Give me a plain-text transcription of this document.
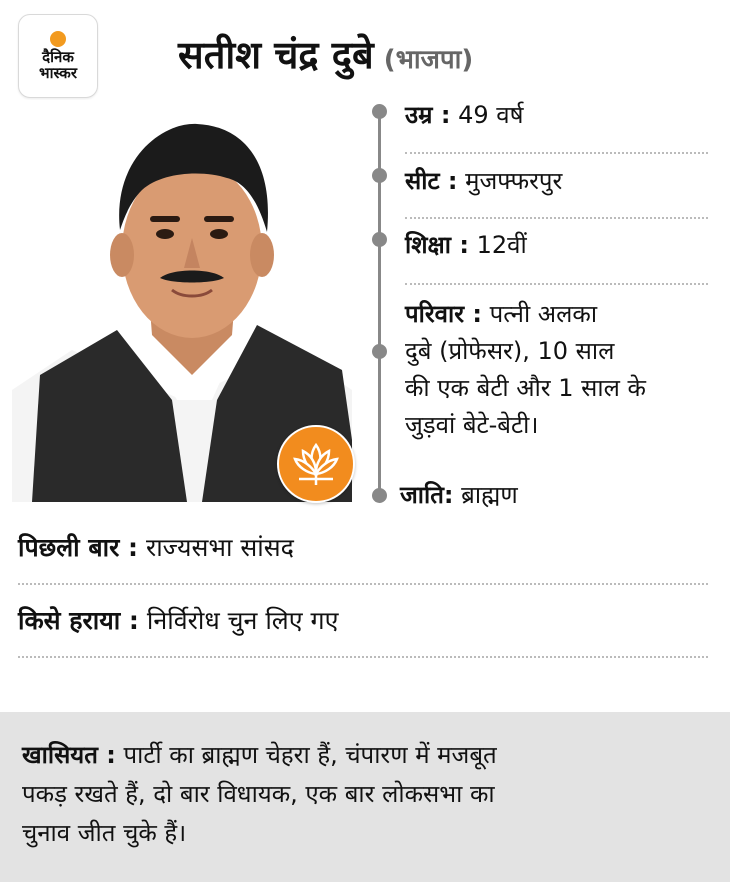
दैनिक
भास्कर	सतीश चंद्र दुबे (भाजपा)
उम्र : 49 वर्ष
सीट : मुजफ्फरपुर
शिक्षा : 12वीं
परिवार : पत्नी अलका
दुबे (प्रोफेसर), 10 साल
की एक बेटी और 1 साल के
जुड़वां बेटे-बेटी।
जाति: ब्राह्मण
पिछली बार : राज्यसभा सांसद
किसे हराया : निर्विरोध चुन लिए गए
खासियत : पार्टी का ब्राह्मण चेहरा हैं, चंपारण में मजबूत
पकड़ रखते हैं, दो बार विधायक, एक बार लोकसभा का
चुनाव जीत चुके हैं।
